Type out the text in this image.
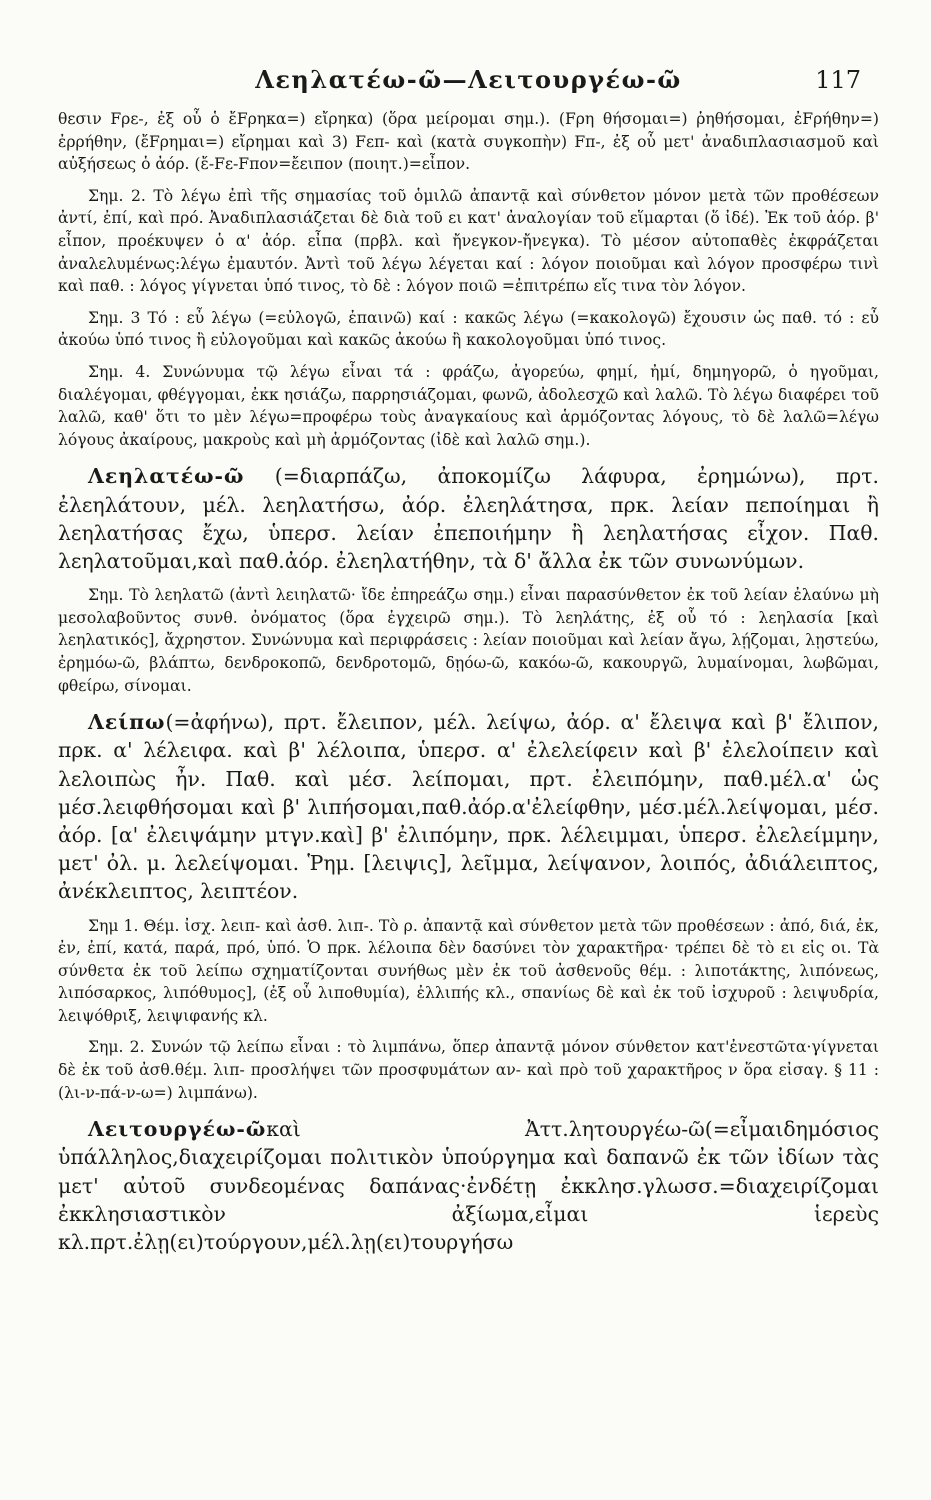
Λεηλατέω-ῶ—Λειτουργέω-ῶ	117

θεσιν Fρε-, ἐξ οὗ ὁ ἔFρηκα=) εἴρηκα) (ὅρα μείρομαι σημ.). (Fρη θήσομαι=) ῥηθήσομαι, ἐFρήθην=) ἐρρήθην, (ἔFρημαι=) εἴρημαι καὶ 3) Fεπ- καὶ (κατὰ συγκοπὴν) Fπ-, ἐξ οὗ μετ' ἀναδιπλασιασμοῦ καὶ αὐξήσεως ὁ ἀόρ. (ἔ-Fε-Fπον=ἔειπον (ποιητ.)=εἶπον.

Σημ. 2. Τὸ λέγω ἐπὶ τῆς σημασίας τοῦ ὁμιλῶ ἀπαντᾷ καὶ σύνθετον μόνον μετὰ τῶν προθέσεων ἀντί, ἐπί, καὶ πρό. Ἀναδιπλασιάζεται δὲ διὰ τοῦ ει κατ' ἀναλογίαν τοῦ εἵμαρται (ὅ ἰδέ). Ἐκ τοῦ ἀόρ. β' εἶπον, προέκυψεν ὁ α' ἀόρ. εἶπα (πρβλ. καὶ ἤνεγκον-ἤνεγκα). Τὸ μέσον αὐτοπαθὲς ἐκφράζεται ἀναλελυμένως:λέγω ἐμαυτόν. Ἀντὶ τοῦ λέγω λέγεται καί : λόγον ποιοῦμαι καὶ λόγον προσφέρω τινὶ καὶ παθ. : λόγος γίγνεται ὑπό τινος, τὸ δὲ : λόγον ποιῶ =ἐπιτρέπω εἴς τινα τὸν λόγον.

Σημ. 3 Τό : εὖ λέγω (=εὐλογῶ, ἐπαινῶ) καί : κακῶς λέγω (=κακολογῶ) ἔχουσιν ὡς παθ. τό : εὖ ἀκούω ὑπό τινος ἢ εὐλογοῦμαι καὶ κακῶς ἀκούω ἢ κακολογοῦμαι ὑπό τινος.

Σημ. 4. Συνώνυμα τῷ λέγω εἶναι τά : φράζω, ἀγορεύω, φημί, ἠμί, δημηγορῶ, ὁ ηγοῦμαι, διαλέγομαι, φθέγγομαι, ἐκκ ησιάζω, παρρησιάζομαι, φωνῶ, ἀδολεσχῶ καὶ λαλῶ. Τὸ λέγω διαφέρει τοῦ λαλῶ, καθ' ὅτι το μὲν λέγω=προφέρω τοὺς ἀναγκαίους καὶ ἁρμόζοντας λόγους, τὸ δὲ λαλῶ=λέγω λόγους ἀκαίρους, μακροὺς καὶ μὴ ἁρμόζοντας (ἰδὲ καὶ λαλῶ σημ.).

Λεηλατέω-ῶ (=διαρπάζω, ἀποκομίζω λάφυρα, ἐρημώνω), πρτ. ἐλεηλάτουν, μέλ. λεηλατήσω, ἀόρ. ἐλεηλάτησα, πρκ. λείαν πεποίημαι ἢ λεηλατήσας ἔχω, ὑπερσ. λείαν ἐπεποιήμην ἢ λεηλατήσας εἶχον. Παθ. λεηλατοῦμαι,καὶ παθ.ἀόρ. ἐλεηλατήθην, τὰ δ' ἄλλα ἐκ τῶν συνωνύμων.

Σημ. Τὸ λεηλατῶ (ἀντὶ λειηλατῶ· ἴδε ἐπηρεάζω σημ.) εἶναι παρασύνθετον ἐκ τοῦ λείαν ἐλαύνω μὴ μεσολαβοῦντος συνθ. ὀνόματος (ὅρα ἐγχειρῶ σημ.). Τὸ λεηλάτης, ἐξ οὗ τό : λεηλασία [καὶ λεηλατικός], ἄχρηστον. Συνώνυμα καὶ περιφράσεις : λείαν ποιοῦμαι καὶ λείαν ἄγω, λῄζομαι, λῃστεύω, ἐρημόω-ῶ, βλάπτω, δενδροκοπῶ, δενδροτομῶ, δῃόω-ῶ, κακόω-ῶ, κακουργῶ, λυμαίνομαι, λωβῶμαι, φθείρω, σίνομαι.

Λείπω(=ἀφήνω), πρτ. ἔλειπον, μέλ. λείψω, ἀόρ. α' ἔλειψα καὶ β' ἔλιπον, πρκ. α' λέλειφα. καὶ β' λέλοιπα, ὑπερσ. α' ἐλελείφειν καὶ β' ἐλελοίπειν καὶ λελοιπὼς ἦν. Παθ. καὶ μέσ. λείπομαι, πρτ. ἐλειπόμην, παθ.μέλ.α' ὡς μέσ.λειφθήσομαι καὶ β' λιπήσομαι,παθ.ἀόρ.α'ἐλείφθην, μέσ.μέλ.λείψομαι, μέσ. ἀόρ. [α' ἐλειψάμην μτγν.καὶ] β' ἐλιπόμην, πρκ. λέλειμμαι, ὑπερσ. ἐλελείμμην, μετ' ὀλ. μ. λελείψομαι. Ῥημ. [λειψις], λεῖμμα, λείψανον, λοιπός, ἀδιάλειπτος, ἀνέκλειπτος, λειπτέον.

Σημ 1. Θέμ. ἰσχ. λειπ- καὶ ἀσθ. λιπ-. Τὸ ρ. ἀπαντᾷ καὶ σύνθετον μετὰ τῶν προθέσεων : ἀπό, διά, ἐκ, ἐν, ἐπί, κατά, παρά, πρό, ὑπό. Ὁ πρκ. λέλοιπα δὲν δασύνει τὸν χαρακτῆρα· τρέπει δὲ τὸ ει εἰς οι. Τὰ σύνθετα ἐκ τοῦ λείπω σχηματίζονται συνήθως μὲν ἐκ τοῦ ἀσθενοῦς θέμ. : λιποτάκτης, λιπόνεως, λιπόσαρκος, λιπόθυμος], (ἐξ οὗ λιποθυμία), ἐλλιπής κλ., σπανίως δὲ καὶ ἐκ τοῦ ἰσχυροῦ : λειψυδρία, λειψόθριξ, λειψιφανής κλ.

Σημ. 2. Συνών τῷ λείπω εἶναι : τὸ λιμπάνω, ὅπερ ἀπαντᾷ μόνον σύνθετον κατ'ἐνεστῶτα·γίγνεται δὲ ἐκ τοῦ ἀσθ.θέμ. λιπ- προσλήψει τῶν προσφυμάτων αν- καὶ πρὸ τοῦ χαρακτῆρος ν ὅρα εἰσαγ. § 11 : (λι-ν-πά-ν-ω=) λιμπάνω).

Λειτουργέω-ῶκαὶ Ἀττ.λητουργέω-ῶ(=εἶμαιδημόσιος ὑπάλληλος,διαχειρίζομαι πολιτικὸν ὑπούργημα καὶ δαπανῶ ἐκ τῶν ἰδίων τὰς μετ' αὐτοῦ συνδεομένας δαπάνας·ἐνδέτῃ ἐκκλησ.γλωσσ.=διαχειρίζομαι ἐκκλησιαστικὸν ἀξίωμα,εἶμαι ἱερεὺς κλ.πρτ.ἐλῃ(ει)τούργουν,μέλ.λῃ(ει)τουργήσω
